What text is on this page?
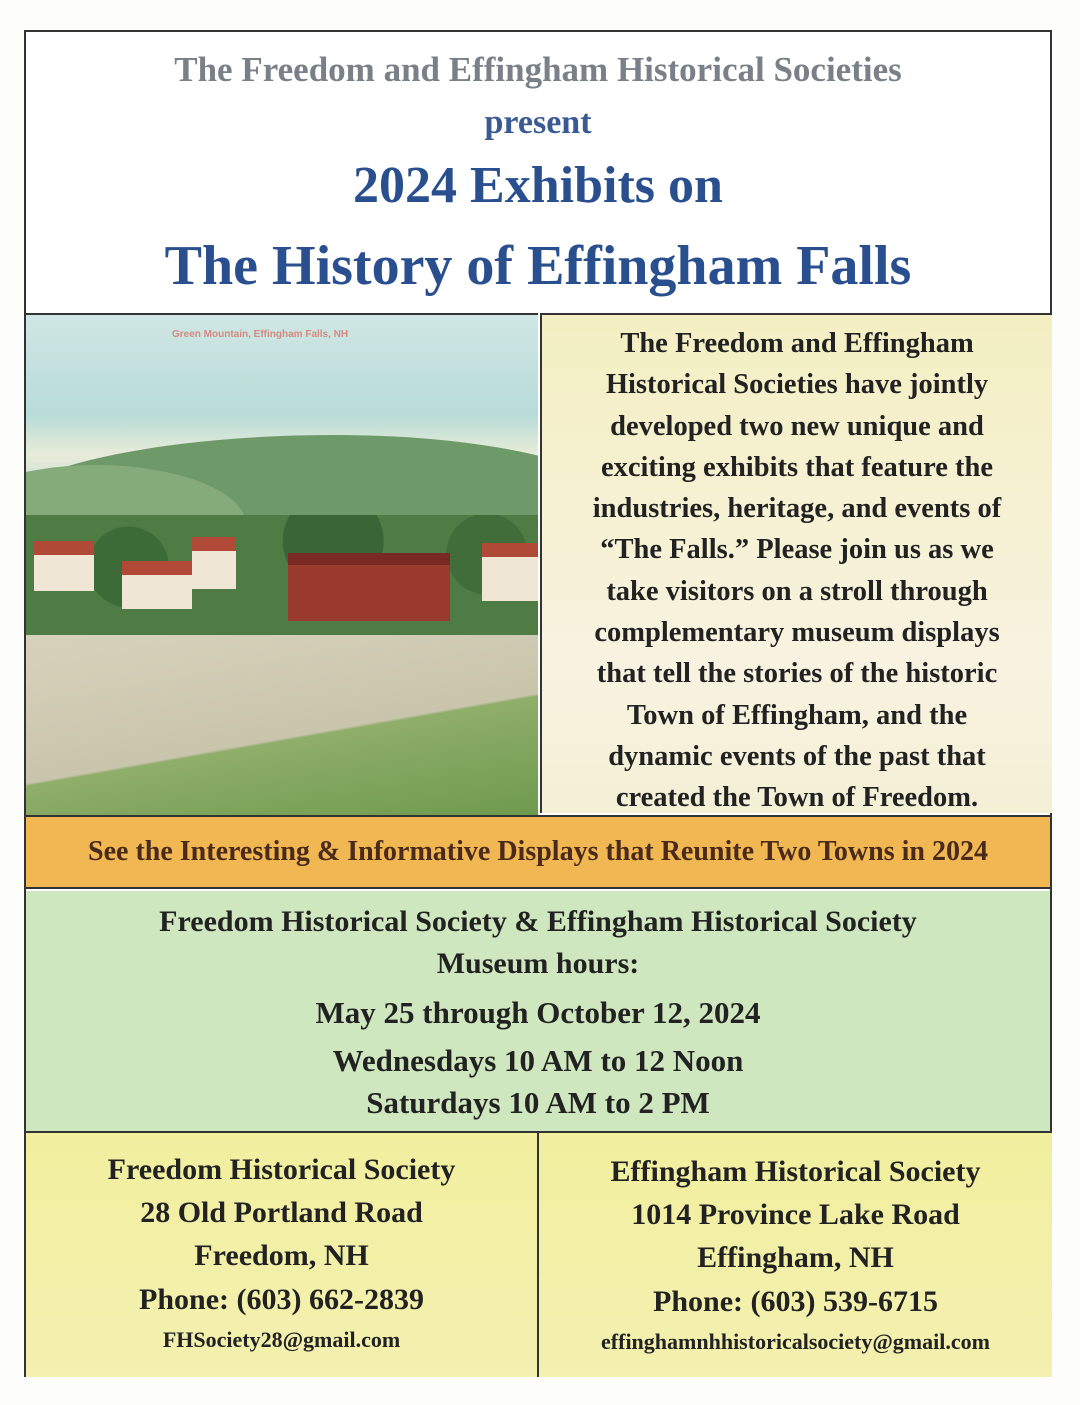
The Freedom and Effingham Historical Societies
present
2024 Exhibits on
The History of Effingham Falls
Green Mountain, Effingham Falls, NH	The Freedom and Effingham
Historical Societies have jointly
developed two new unique and
exciting exhibits that feature the
industries, heritage, and events of
“The Falls.” Please join us as we
take visitors on a stroll through
complementary museum displays
that tell the stories of the historic
Town of Effingham, and the
dynamic events of the past that
created the Town of Freedom.
See the Interesting & Informative Displays that Reunite Two Towns in 2024
Freedom Historical Society & Effingham Historical Society
Museum hours:
May 25 through October 12, 2024
Wednesdays 10 AM to 12 Noon
Saturdays 10 AM to 2 PM
Freedom Historical Society
28 Old Portland Road
Freedom, NH
Phone: (603) 662-2839
FHSociety28@gmail.com
Effingham Historical Society
1014 Province Lake Road
Effingham, NH
Phone: (603) 539-6715
effinghamnhhistoricalsociety@gmail.com
